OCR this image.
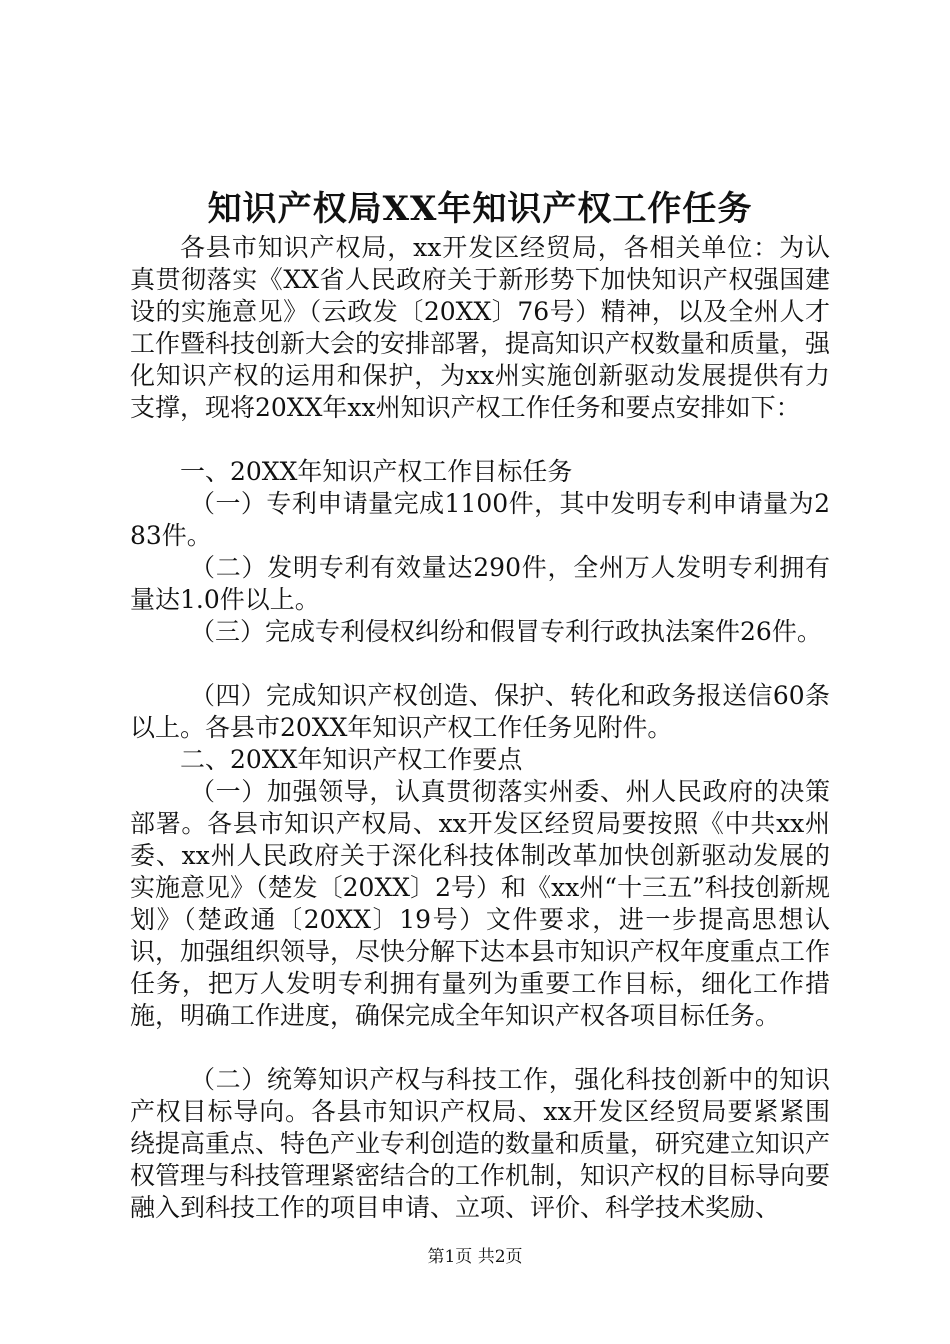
知识产权局XX年知识产权工作任务

各县市知识产权局，xx开发区经贸局，各相关单位：为认真贯彻落实《XX省人民政府关于新形势下加快知识产权强国建设的实施意见》（云政发〔20XX〕76号）精神，以及全州人才工作暨科技创新大会的安排部署，提高知识产权数量和质量，强化知识产权的运用和保护，为xx州实施创新驱动发展提供有力支撑，现将20XX年xx州知识产权工作任务和要点安排如下：

一、20XX年知识产权工作目标任务

（一）专利申请量完成1100件，其中发明专利申请量为283件。

（二）发明专利有效量达290件，全州万人发明专利拥有量达1.0件以上。

（三）完成专利侵权纠纷和假冒专利行政执法案件26件。

（四）完成知识产权创造、保护、转化和政务报送信60条以上。各县市20XX年知识产权工作任务见附件。

二、20XX年知识产权工作要点

（一）加强领导，认真贯彻落实州委、州人民政府的决策部署。各县市知识产权局、xx开发区经贸局要按照《中共xx州委、xx州人民政府关于深化科技体制改革加快创新驱动发展的实施意见》（楚发〔20XX〕2号）和《xx州“十三五”科技创新规划》（楚政通〔20XX〕19号）文件要求，进一步提高思想认识，加强组织领导，尽快分解下达本县市知识产权年度重点工作任务，把万人发明专利拥有量列为重要工作目标，细化工作措施，明确工作进度，确保完成全年知识产权各项目标任务。

（二）统筹知识产权与科技工作，强化科技创新中的知识产权目标导向。各县市知识产权局、xx开发区经贸局要紧紧围绕提高重点、特色产业专利创造的数量和质量，研究建立知识产权管理与科技管理紧密结合的工作机制，知识产权的目标导向要融入到科技工作的项目申请、立项、评价、科学技术奖励、

第1页 共2页
